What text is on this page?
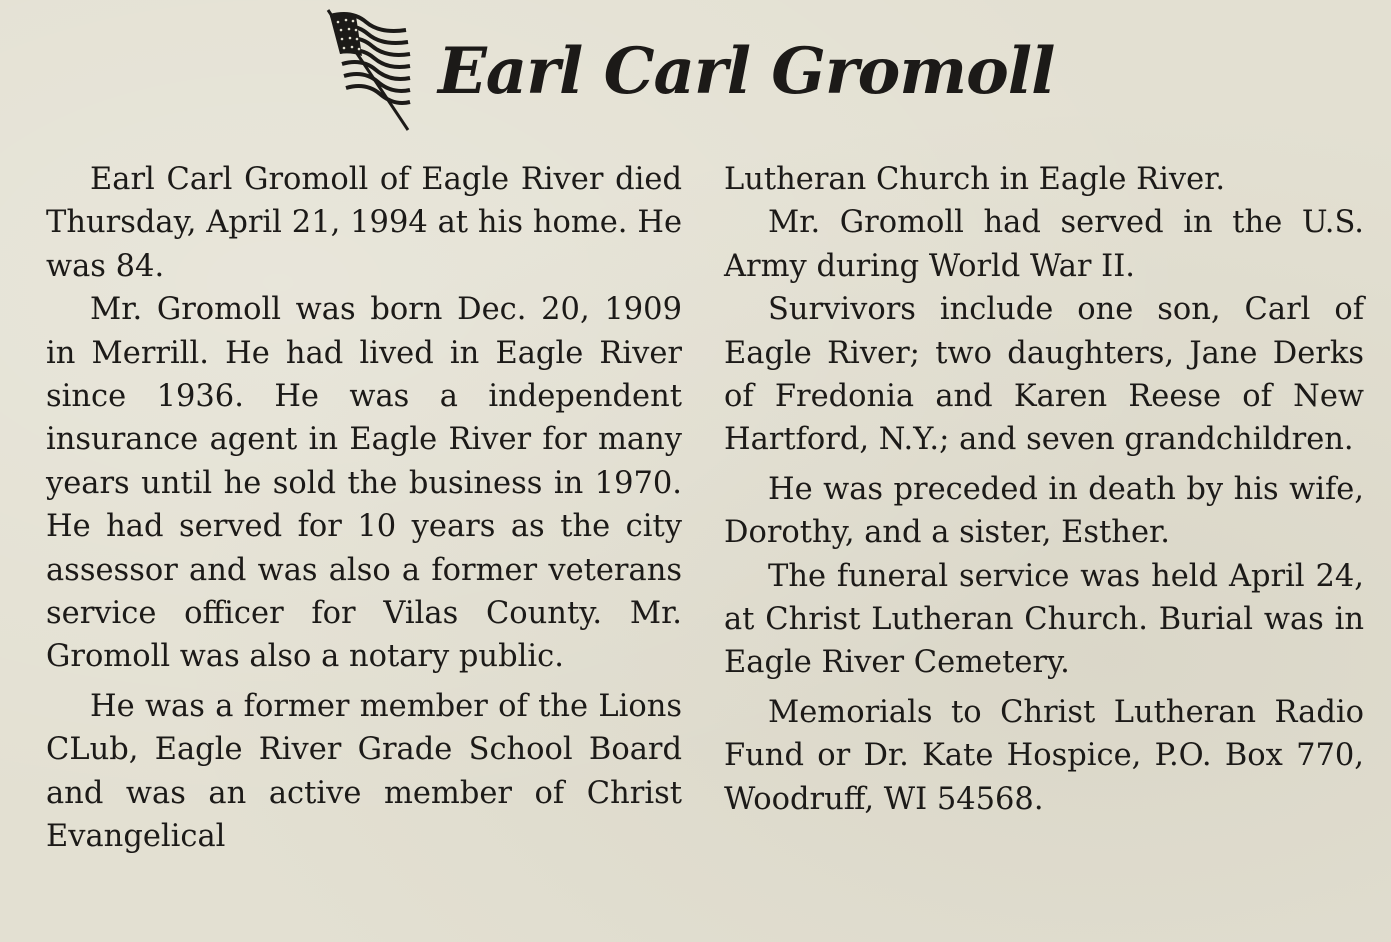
Earl Carl Gromoll

Earl Carl Gromoll of Eagle River died Thursday, April 21, 1994 at his home. He was 84.

Mr. Gromoll was born Dec. 20, 1909 in Merrill. He had lived in Eagle River since 1936. He was a independent insurance agent in Eagle River for many years until he sold the business in 1970. He had served for 10 years as the city assessor and was also a former veterans service officer for Vilas County. Mr. Gromoll was also a notary public.

He was a former member of the Lions CLub, Eagle River Grade School Board and was an active member of Christ Evangelical

Lutheran Church in Eagle River.

Mr. Gromoll had served in the U.S. Army during World War II.

Survivors include one son, Carl of Eagle River; two daughters, Jane Derks of Fredonia and Karen Reese of New Hartford, N.Y.; and seven grandchildren.

He was preceded in death by his wife, Dorothy, and a sister, Esther.

The funeral service was held April 24, at Christ Lutheran Church. Burial was in Eagle River Cemetery.

Memorials to Christ Lutheran Radio Fund or Dr. Kate Hospice, P.O. Box 770, Woodruff, WI 54568.
